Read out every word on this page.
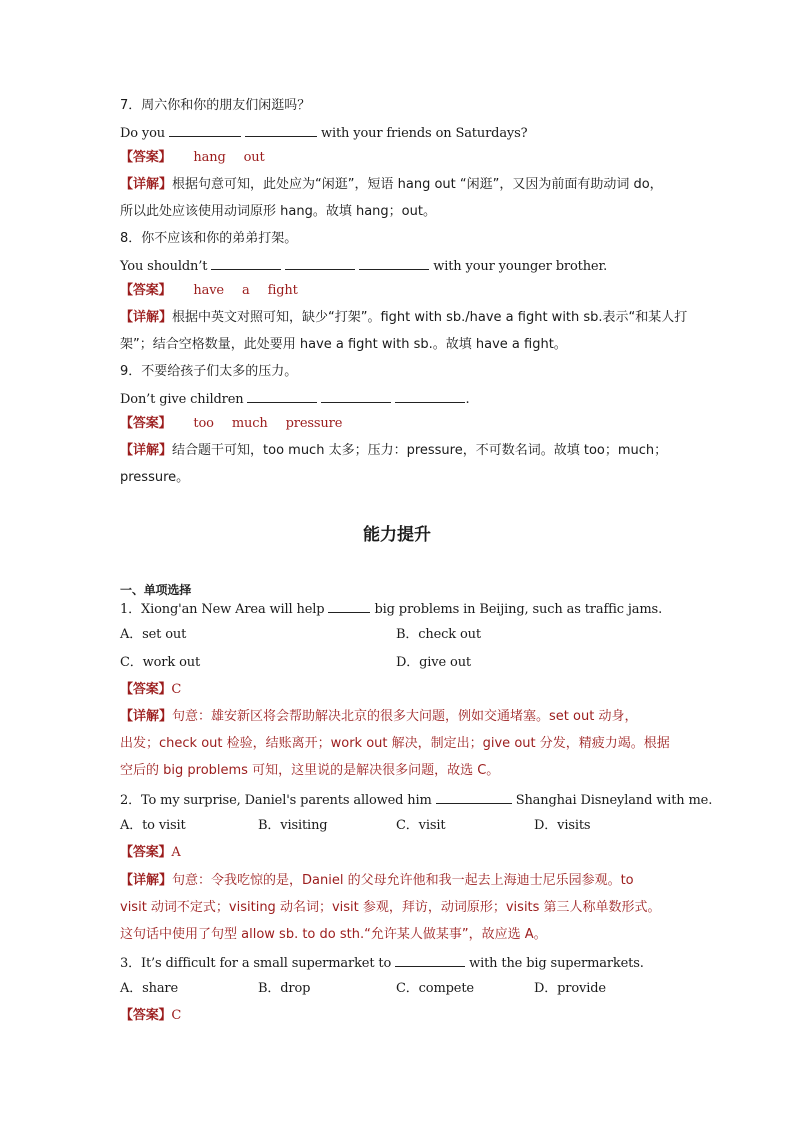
7．周六你和你的朋友们闲逛吗？
Do you	with your friends on Saturdays?
【答案】 hang out
【详解】根据句意可知，此处应为“闲逛”，短语 hang out “闲逛”，又因为前面有助动词 do，
所以此处应该使用动词原形 hang。故填 hang；out。
8．你不应该和你的弟弟打架。
You shouldn’t	with your younger brother.
【答案】 have a fight
【详解】根据中英文对照可知，缺少“打架”。fight with sb./have a fight with sb.表示“和某人打
架”；结合空格数量，此处要用 have a fight with sb.。故填 have a fight。
9．不要给孩子们太多的压力。
Don’t give children	.
【答案】 too much pressure
【详解】结合题干可知，too much 太多；压力：pressure，不可数名词。故填 too；much；
pressure。
能力提升
一、单项选择
1．Xiong'an New Area will help	big problems in Beijing, such as traffic jams.
A．set out	B．check out
C．work out	D．give out
【答案】C
【详解】句意：雄安新区将会帮助解决北京的很多大问题，例如交通堵塞。set out 动身，
出发；check out 检验，结账离开；work out 解决，制定出；give out 分发，精疲力竭。根据
空后的 big problems 可知，这里说的是解决很多问题，故选 C。
2．To my surprise, Daniel's parents allowed him	Shanghai Disneyland with me.
A．to visit	B．visiting	C．visit	D．visits
【答案】A
【详解】句意：令我吃惊的是，Daniel 的父母允许他和我一起去上海迪士尼乐园参观。to
visit 动词不定式；visiting 动名词；visit 参观，拜访，动词原形；visits 第三人称单数形式。
这句话中使用了句型 allow sb. to do sth.“允许某人做某事”，故应选 A。
3．It’s difficult for a small supermarket to	with the big supermarkets.
A．share	B．drop	C．compete	D．provide
【答案】C
